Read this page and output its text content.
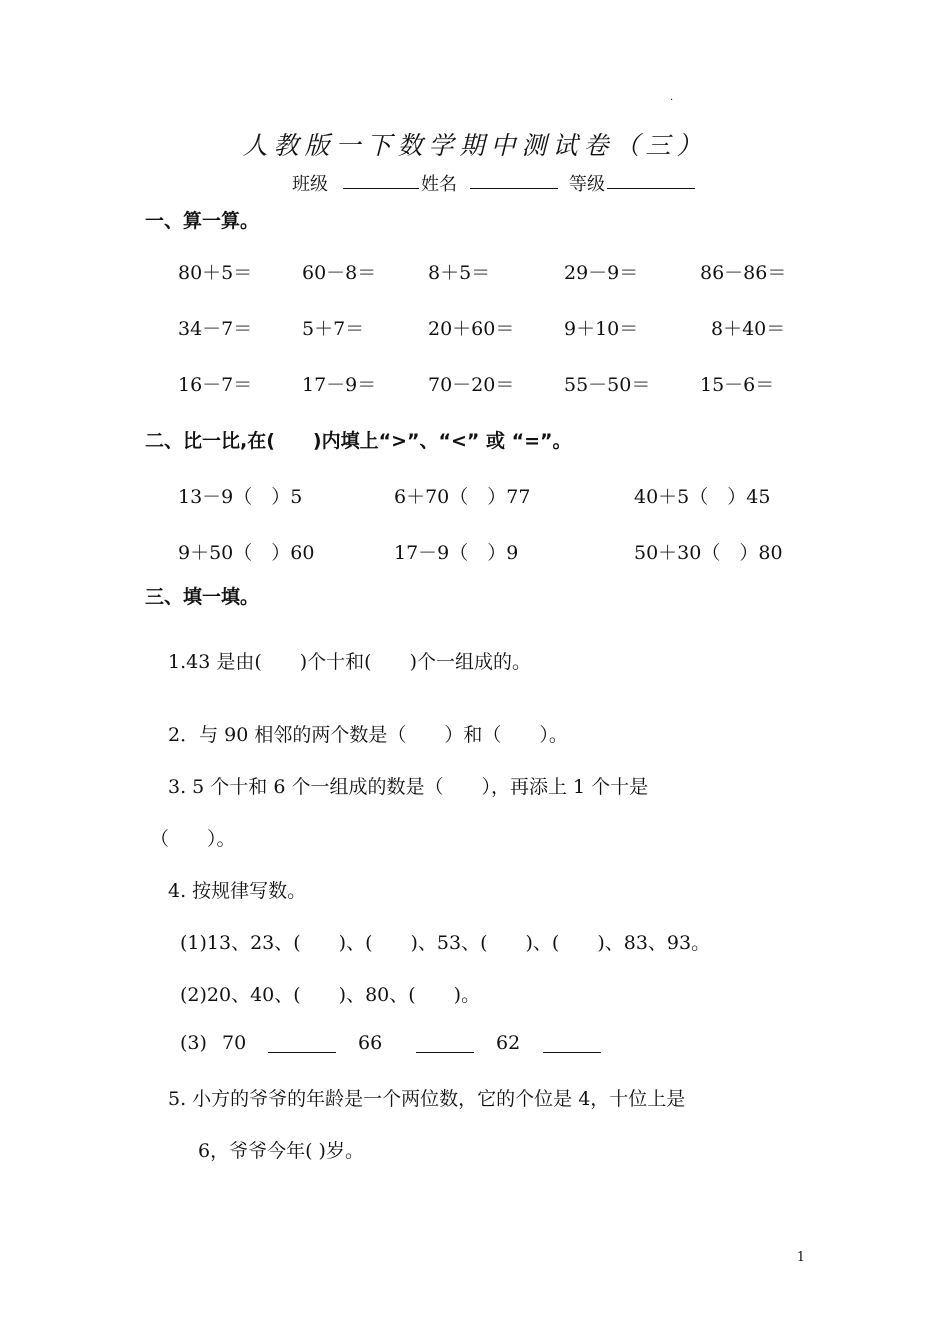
.
人教版一下数学期中测试卷（三）
班级	姓名	等级
一、算一算。
80＋5＝	60－8＝	8＋5＝	29－9＝	86－86＝
34－7＝	5＋7＝	20＋60＝	9＋10＝	8＋40＝
16－7＝	17－9＝	70－20＝	55－50＝	15－6＝
二、比一比,在(　　)内填上“>”、“<” 或 “=”。
13－9（　）5	6＋70（　）77	40＋5（　）45
9＋50（　）60	17－9（　）9	50＋30（　）80
三、填一填。
1.43 是由(　　)个十和(　　)个一组成的。
2．与 90 相邻的两个数是（　　）和（　　）。
3. 5 个十和 6 个一组成的数是（　　），再添上 1 个十是
（　　）。
4. 按规律写数。
(1)13、23、(　　)、(　　)、53、(　　)、(　　)、83、93。
(2)20、40、(　　)、80、(　　)。
(3) 70	66	62
5. 小方的爷爷的年龄是一个两位数，它的个位是 4，十位上是
6，爷爷今年( )岁。
1
